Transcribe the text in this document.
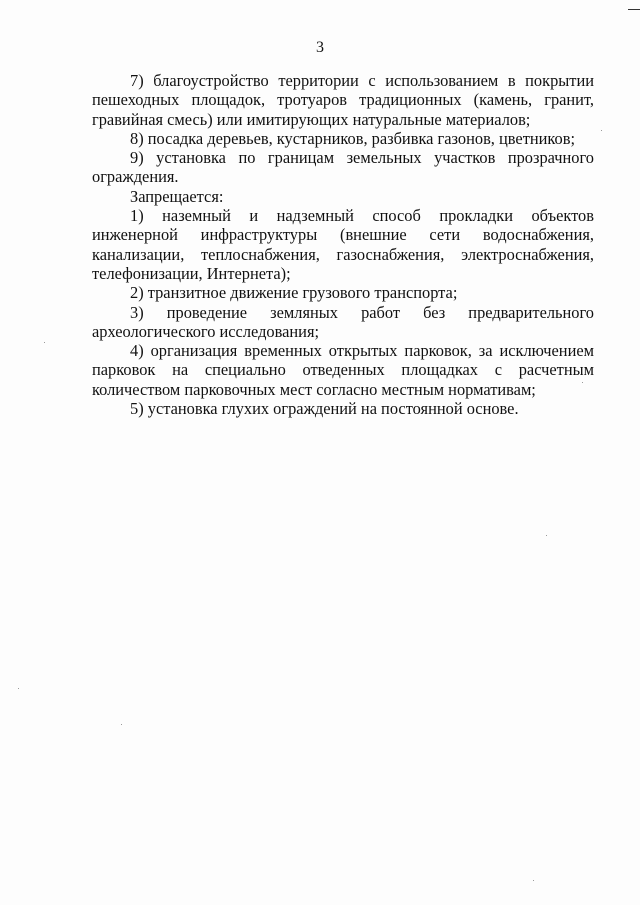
3

7) благоустройство территории с использованием в покрытии пешеходных площадок, тротуаров традиционных (камень, гранит, гравийная смесь) или имитирующих натуральные материалов;

8) посадка деревьев, кустарников, разбивка газонов, цветников;

9) установка по границам земельных участков прозрачного ограждения.

Запрещается:

1) наземный и надземный способ прокладки объектов инженерной инфраструктуры (внешние сети водоснабжения, канализации, теплоснабжения, газоснабжения, электроснабжения, телефонизации, Интернета);

2) транзитное движение грузового транспорта;

3) проведение земляных работ без предварительного археологического исследования;

4) организация временных открытых парковок, за исключением парковок на специально отведенных площадках с расчетным количеством парковочных мест согласно местным нормативам;

5) установка глухих ограждений на постоянной основе.
